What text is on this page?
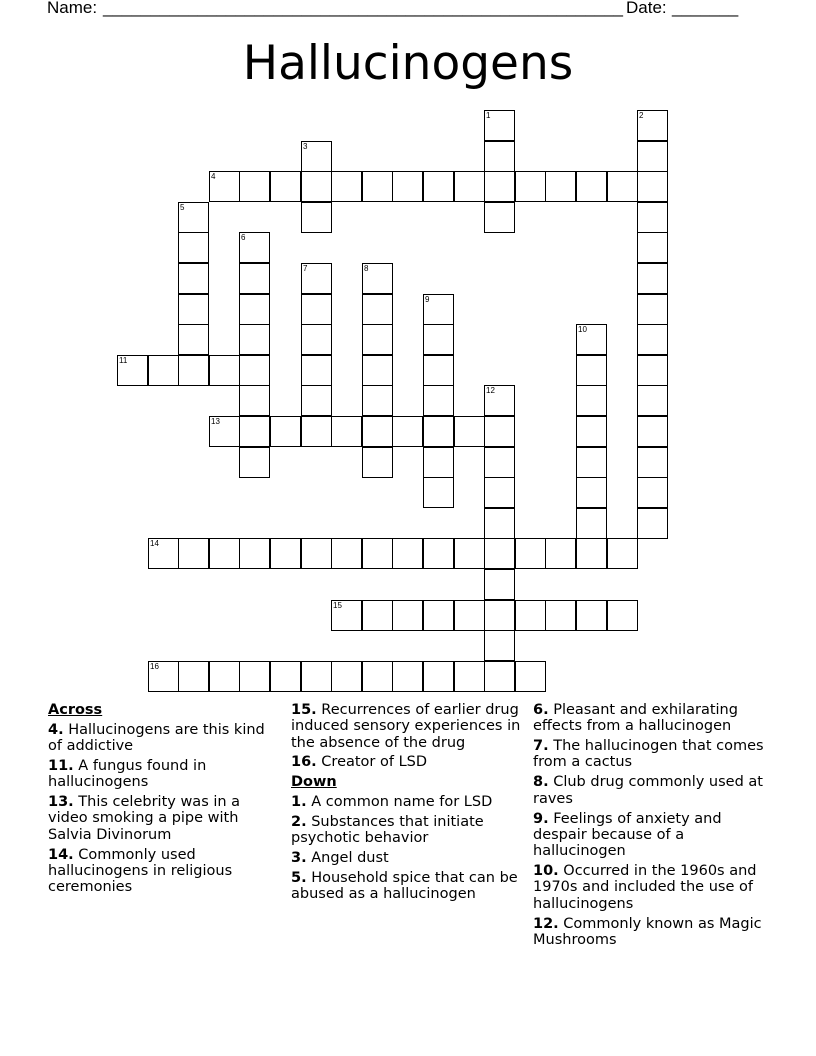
Name: _______________________________________________________ Date: _______
Hallucinogens
1	2
3
4
5
6
7	8
9
10
11
12
13
14
15
16
Across
4. Hallucinogens are this kind of addictive
11. A fungus found in hallucinogens
13. This celebrity was in a video smoking a pipe with Salvia Divinorum
14. Commonly used hallucinogens in religious ceremonies
15. Recurrences of earlier drug induced sensory experiences in the absence of the drug
16. Creator of LSD
Down
1. A common name for LSD
2. Substances that initiate psychotic behavior
3. Angel dust
5. Household spice that can be abused as a hallucinogen
6. Pleasant and exhilarating effects from a hallucinogen
7. The hallucinogen that comes from a cactus
8. Club drug commonly used at raves
9. Feelings of anxiety and despair because of a hallucinogen
10. Occurred in the 1960s and 1970s and included the use of hallucinogens
12. Commonly known as Magic Mushrooms
